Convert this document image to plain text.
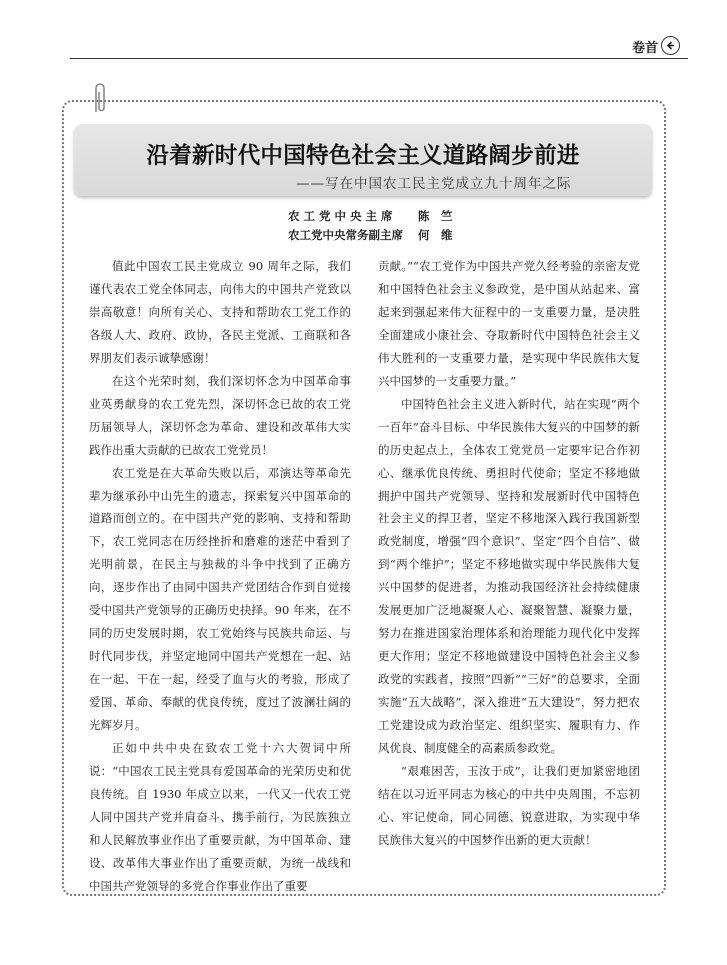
卷首
沿着新时代中国特色社会主义道路阔步前进
——写在中国农工民主党成立九十周年之际
农 工 党 中 央 主 席 陈　竺
农工党中央常务副主席 何　维

值此中国农工民主党成立 90 周年之际，我们谨代表农工党全体同志，向伟大的中国共产党致以崇高敬意！向所有关心、支持和帮助农工党工作的各级人大、政府、政协，各民主党派、工商联和各界朋友们表示诚挚感谢！

在这个光荣时刻，我们深切怀念为中国革命事业英勇献身的农工党先烈，深切怀念已故的农工党历届领导人，深切怀念为革命、建设和改革伟大实践作出重大贡献的已故农工党党员！

农工党是在大革命失败以后，邓演达等革命先辈为继承孙中山先生的遗志，探索复兴中国革命的道路而创立的。在中国共产党的影响、支持和帮助下，农工党同志在历经挫折和磨难的迷茫中看到了光明前景，在民主与独裁的斗争中找到了正确方向，逐步作出了由同中国共产党团结合作到自觉接受中国共产党领导的正确历史抉择。90 年来，在不同的历史发展时期，农工党始终与民族共命运、与时代同步伐，并坚定地同中国共产党想在一起、站在一起、干在一起，经受了血与火的考验，形成了爱国、革命、奉献的优良传统，度过了波澜壮阔的光辉岁月。

正如中共中央在致农工党十六大贺词中所说：“中国农工民主党具有爱国革命的光荣历史和优良传统。自 1930 年成立以来，一代又一代农工党人同中国共产党并肩奋斗、携手前行，为民族独立和人民解放事业作出了重要贡献，为中国革命、建设、改革伟大事业作出了重要贡献，为统一战线和中国共产党领导的多党合作事业作出了重要

贡献。”“农工党作为中国共产党久经考验的亲密友党和中国特色社会主义参政党，是中国从站起来、富起来到强起来伟大征程中的一支重要力量，是决胜全面建成小康社会、夺取新时代中国特色社会主义伟大胜利的一支重要力量，是实现中华民族伟大复兴中国梦的一支重要力量。”

中国特色社会主义进入新时代，站在实现“两个一百年”奋斗目标、中华民族伟大复兴的中国梦的新的历史起点上，全体农工党党员一定要牢记合作初心、继承优良传统、勇担时代使命；坚定不移地做拥护中国共产党领导、坚持和发展新时代中国特色社会主义的捍卫者，坚定不移地深入践行我国新型政党制度，增强“四个意识”、坚定“四个自信”、做到“两个维护”；坚定不移地做实现中华民族伟大复兴中国梦的促进者，为推动我国经济社会持续健康发展更加广泛地凝聚人心、凝聚智慧、凝聚力量，努力在推进国家治理体系和治理能力现代化中发挥更大作用；坚定不移地做建设中国特色社会主义参政党的实践者，按照“四新”“三好”的总要求，全面实施“五大战略”，深入推进“五大建设”，努力把农工党建设成为政治坚定、组织坚实、履职有力、作风优良、制度健全的高素质参政党。

“艰难困苦，玉汝于成”，让我们更加紧密地团结在以习近平同志为核心的中共中央周围，不忘初心、牢记使命，同心同德、锐意进取，为实现中华民族伟大复兴的中国梦作出新的更大贡献！
